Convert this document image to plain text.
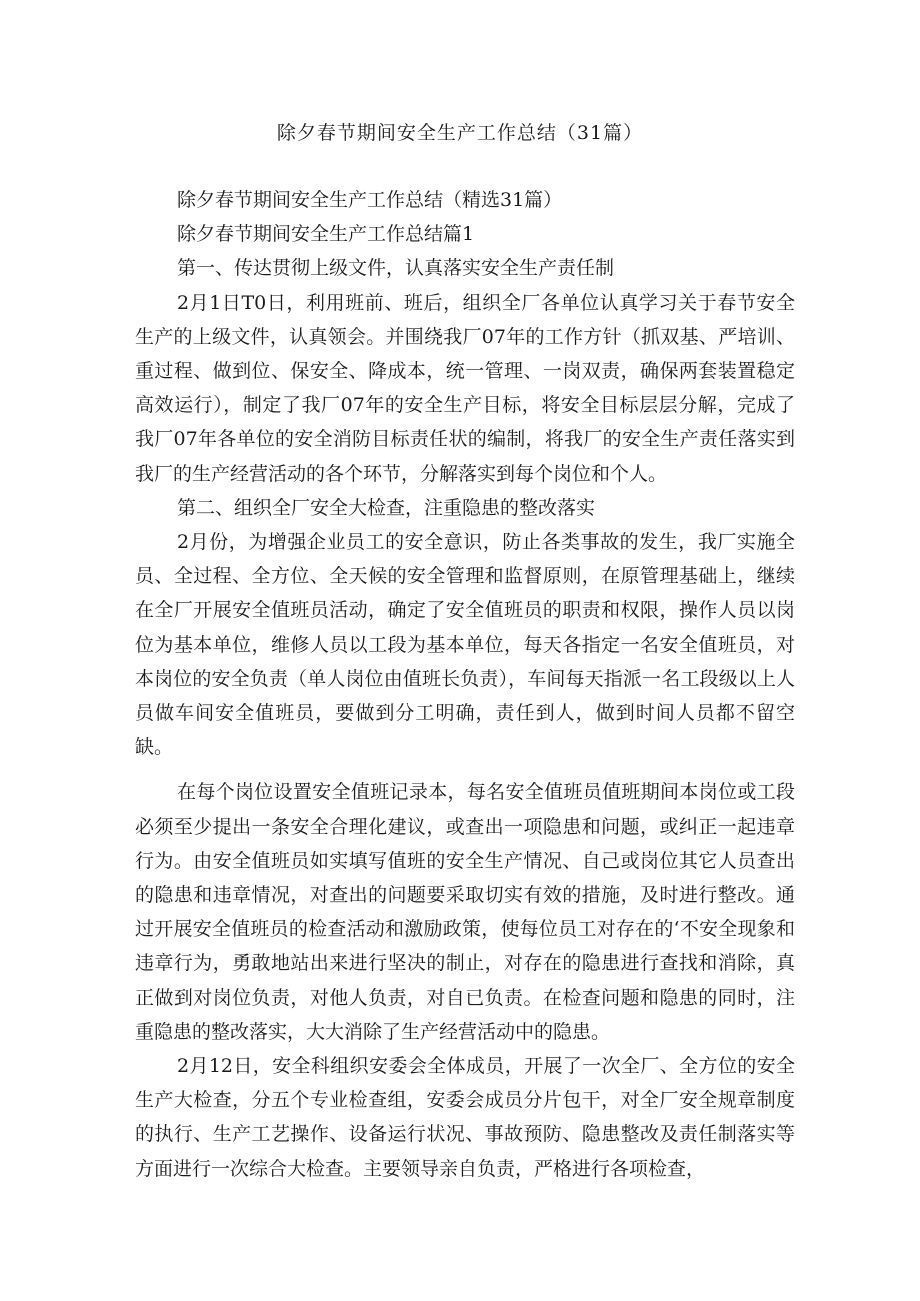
除夕春节期间安全生产工作总结（31篇）

除夕春节期间安全生产工作总结（精选31篇）

除夕春节期间安全生产工作总结篇1

第一、传达贯彻上级文件，认真落实安全生产责任制

2月1日T0日，利用班前、班后，组织全厂各单位认真学习关于春节安全生产的上级文件，认真领会。并围绕我厂07年的工作方针（抓双基、严培训、重过程、做到位、保安全、降成本，统一管理、一岗双责，确保两套装置稳定高效运行），制定了我厂07年的安全生产目标，将安全目标层层分解，完成了我厂07年各单位的安全消防目标责任状的编制，将我厂的安全生产责任落实到我厂的生产经营活动的各个环节，分解落实到每个岗位和个人。

第二、组织全厂安全大检查，注重隐患的整改落实

2月份，为增强企业员工的安全意识，防止各类事故的发生，我厂实施全员、全过程、全方位、全天候的安全管理和监督原则，在原管理基础上，继续在全厂开展安全值班员活动，确定了安全值班员的职责和权限，操作人员以岗位为基本单位，维修人员以工段为基本单位，每天各指定一名安全值班员，对本岗位的安全负责（单人岗位由值班长负责），车间每天指派一名工段级以上人员做车间安全值班员，要做到分工明确，责任到人，做到时间人员都不留空缺。

在每个岗位设置安全值班记录本，每名安全值班员值班期间本岗位或工段必须至少提出一条安全合理化建议，或查出一项隐患和问题，或纠正一起违章行为。由安全值班员如实填写值班的安全生产情况、自己或岗位其它人员查出的隐患和违章情况，对查出的问题要采取切实有效的措施，及时进行整改。通过开展安全值班员的检查活动和激励政策，使每位员工对存在的‘不安全现象和违章行为，勇敢地站出来进行坚决的制止，对存在的隐患进行查找和消除，真正做到对岗位负责，对他人负责，对自已负责。在检查问题和隐患的同时，注重隐患的整改落实，大大消除了生产经营活动中的隐患。

2月12日，安全科组织安委会全体成员，开展了一次全厂、全方位的安全生产大检查，分五个专业检查组，安委会成员分片包干，对全厂安全规章制度的执行、生产工艺操作、设备运行状况、事故预防、隐患整改及责任制落实等方面进行一次综合大检查。主要领导亲自负责，严格进行各项检查，
